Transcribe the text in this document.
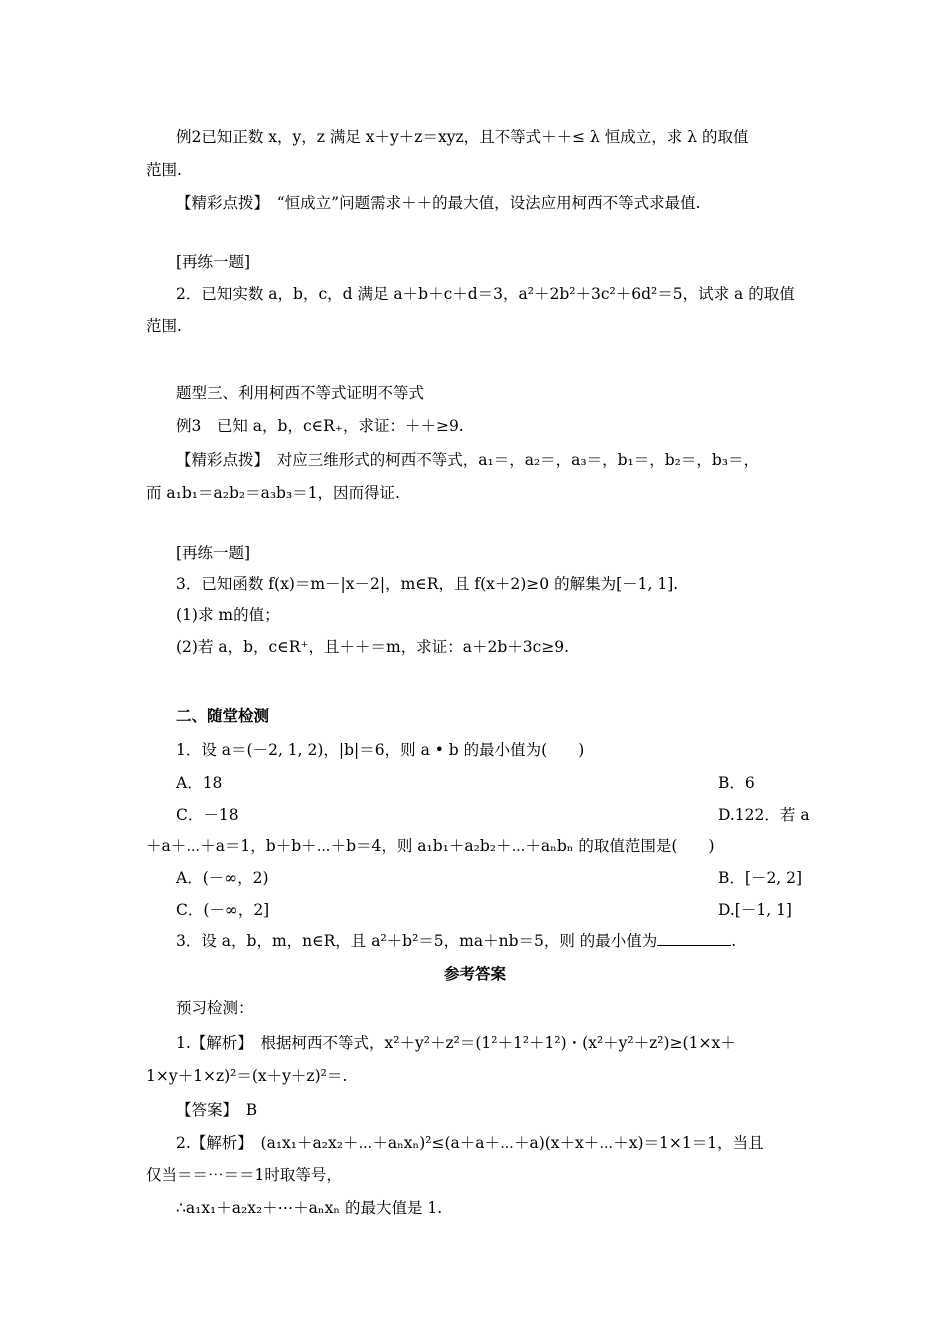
例2已知正数 x，y，z 满足 x＋y＋z＝xyz，且不等式＋＋≤ λ 恒成立，求 λ 的取值
范围.
【精彩点拨】　“恒成立”问题需求＋＋的最大值，设法应用柯西不等式求最值.
[再练一题]
2．已知实数 a，b，c，d 满足 a＋b＋c＋d＝3，a²＋2b²＋3c²＋6d²＝5，试求 a 的取值
范围.
题型三、利用柯西不等式证明不等式
例3　已知 a，b，c∈R₊，求证：＋＋≥9.
【精彩点拨】　对应三维形式的柯西不等式，a₁＝，a₂＝，a₃＝，b₁＝，b₂＝，b₃＝，
而 a₁b₁＝a₂b₂＝a₃b₃＝1，因而得证.
[再练一题]
3．已知函数 f(x)＝m－|x－2|，m∈R，且 f(x＋2)≥0 的解集为[－1, 1].
(1)求 m的值；
(2)若 a，b，c∈R⁺，且＋＋＝m，求证：a＋2b＋3c≥9.
二、随堂检测
1．设 a＝(－2, 1, 2)，|b|＝6，则 a • b 的最小值为(　　)
A．18	B．6
C．－18	D.122．若 a
＋a＋⋯＋a＝1，b＋b＋⋯＋b＝4，则 a₁b₁＋a₂b₂＋⋯＋aₙbₙ 的取值范围是(　　)
A．(－∞，2)	B．[－2, 2]
C．(－∞，2]	D.[－1, 1]
3．设 a，b，m，n∈R，且 a²＋b²＝5，ma＋nb＝5，则 的最小值为	.
参考答案
预习检测：
1.【解析】　根据柯西不等式，x²＋y²＋z²＝(1²＋1²＋1²)・(x²＋y²＋z²)≥(1×x＋
1×y＋1×z)²＝(x＋y＋z)²＝.
【答案】　B
2.【解析】　(a₁x₁＋a₂x₂＋⋯＋aₙxₙ)²≤(a＋a＋⋯＋a)(x＋x＋⋯＋x)＝1×1＝1，当且
仅当＝＝⋯＝＝1时取等号，
∴a₁x₁＋a₂x₂＋⋯＋aₙxₙ 的最大值是 1.
